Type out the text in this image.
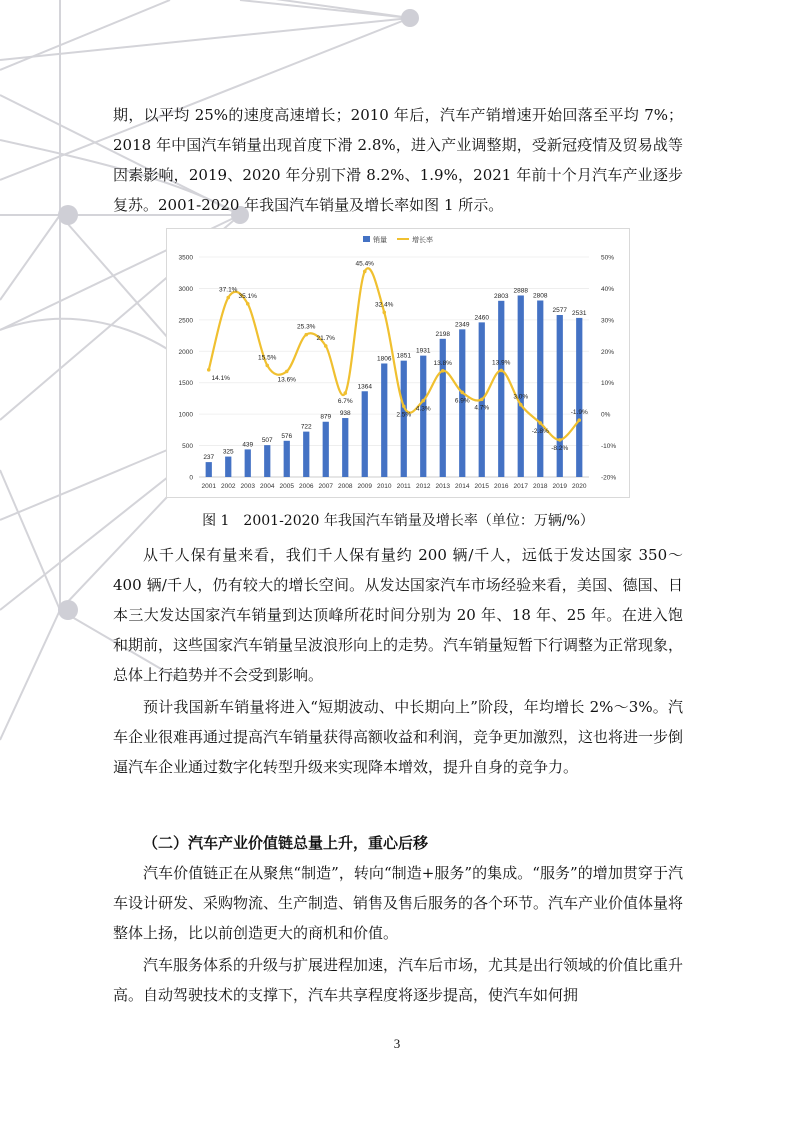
期，以平均 25%的速度高速增长；2010 年后，汽车产销增速开始回落至平均 7%；2018 年中国汽车销量出现首度下滑 2.8%，进入产业调整期，受新冠疫情及贸易战等因素影响，2019、2020 年分别下滑 8.2%、1.9%，2021 年前十个月汽车产业逐步复苏。2001-2020 年我国汽车销量及增长率如图 1 所示。

0
500
1000
1500
2000
2500
3000
3500
-20%
-10%
0%
10%
20%
30%
40%
50%
237
325
439
507
576
722
879
938
1364
1806 1851
1931
2198
2349
2460
2803
2888
2808
2577 2531
2001 2002 2003 2004 2005 2006 2007 2008 2009 2010 2011 2012 2013 2014 2015 2016 2017 2018 2019 2020
14.1%
37.1%
35.1%
15.5%
13.6%
25.3%
21.7%
6.7%
45.4%
32.4%
2.5%
4.3%
13.8%
6.9%
4.7%
13.9%
3.0%
-2.8%
-8.2%
-1.9%
销量	增长率

图 1　2001-2020 年我国汽车销量及增长率（单位：万辆/%）

从千人保有量来看，我们千人保有量约 200 辆/千人，远低于发达国家 350～400 辆/千人，仍有较大的增长空间。从发达国家汽车市场经验来看，美国、德国、日本三大发达国家汽车销量到达顶峰所花时间分别为 20 年、18 年、25 年。在进入饱和期前，这些国家汽车销量呈波浪形向上的走势。汽车销量短暂下行调整为正常现象，总体上行趋势并不会受到影响。

预计我国新车销量将进入“短期波动、中长期向上”阶段，年均增长 2%～3%。汽车企业很难再通过提高汽车销量获得高额收益和利润，竞争更加激烈，这也将进一步倒逼汽车企业通过数字化转型升级来实现降本增效，提升自身的竞争力。

（二）汽车产业价值链总量上升，重心后移

汽车价值链正在从聚焦“制造”，转向“制造+服务”的集成。“服务”的增加贯穿于汽车设计研发、采购物流、生产制造、销售及售后服务的各个环节。汽车产业价值体量将整体上扬，比以前创造更大的商机和价值。

汽车服务体系的升级与扩展进程加速，汽车后市场，尤其是出行领域的价值比重升高。自动驾驶技术的支撑下，汽车共享程度将逐步提高，使汽车如何拥

3
